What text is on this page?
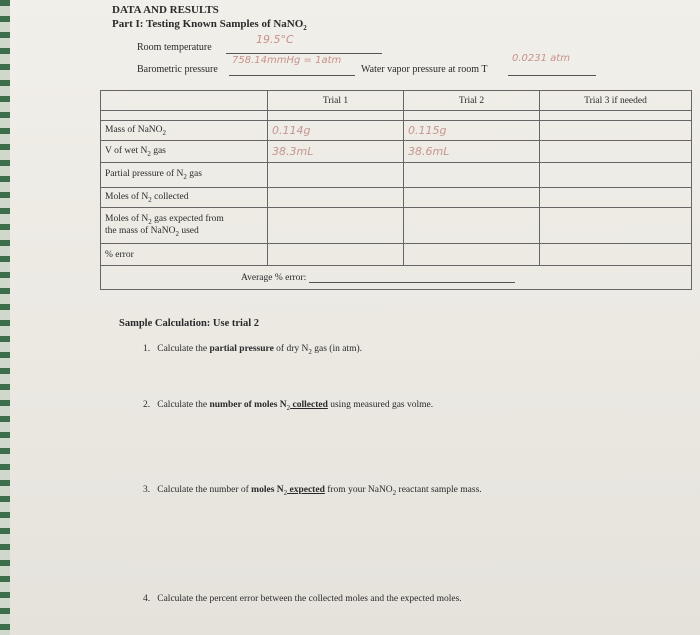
DATA AND RESULTS
Part I: Testing Known Samples of NaNO$_2$
Room temperature
19.5°C
Barometric pressure
758.14mmHg = 1atm
Water vapor pressure at room T
0.0231 atm
	Trial 1	Trial 2	Trial 3 if needed

Mass of NaNO$_2$	0.114g	0.115g	
V of wet $N_2$ gas	38.3mL	38.6mL	
Partial pressure of $N_2$ gas			
Moles of $N_2$ collected			
Moles of $N_2$ gas expected from
the mass of NaNO$_2$ used			
% error			
Average % error:			
Sample Calculation: Use trial 2
1. Calculate the partial pressure of dry $N_2$ gas (in atm).
2. Calculate the number of moles $N_2$ collected using measured gas volme.
3. Calculate the number of moles $N_2$ expected from your NaNO$_2$ reactant sample mass.
4. Calculate the percent error between the collected moles and the expected moles.
